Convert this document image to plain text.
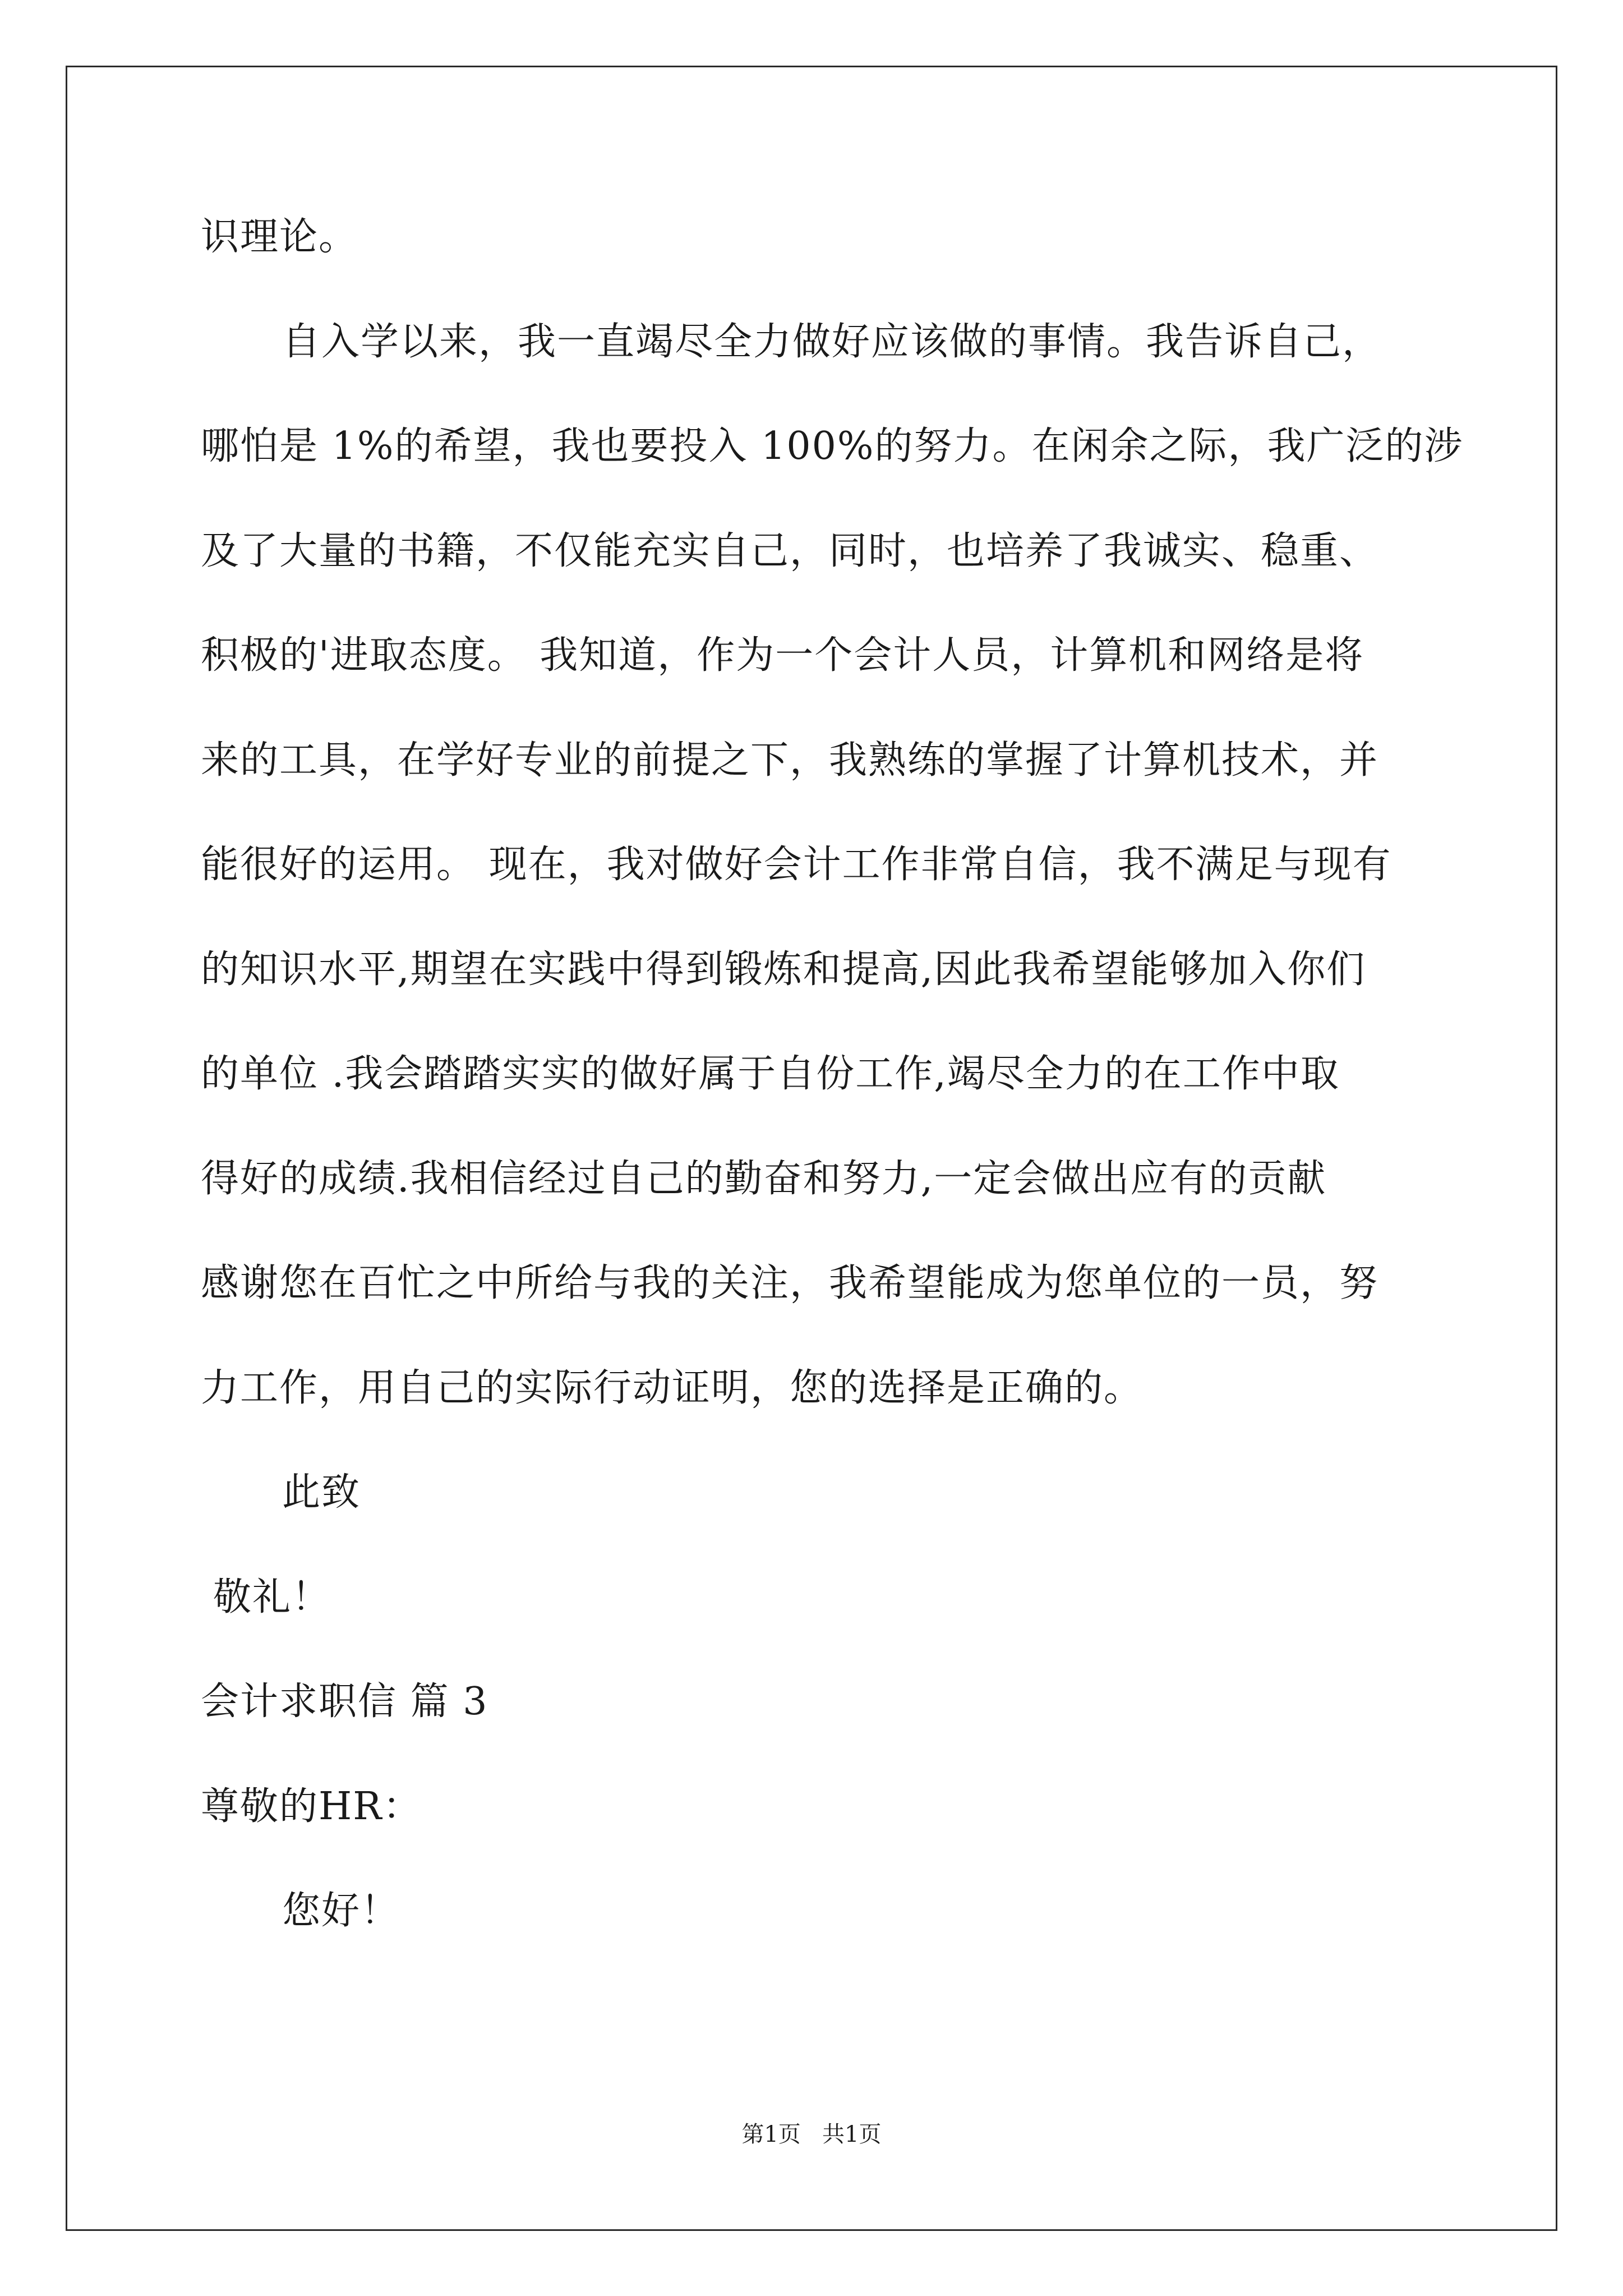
识理论。
自入学以来，我一直竭尽全力做好应该做的事情。我告诉自己，
哪怕是 1%的希望，我也要投入 100%的努力。在闲余之际，我广泛的涉
及了大量的书籍，不仅能充实自己，同时，也培养了我诚实、稳重、
积极的'进取态度。 我知道，作为一个会计人员，计算机和网络是将
来的工具，在学好专业的前提之下，我熟练的掌握了计算机技术，并
能很好的运用。 现在，我对做好会计工作非常自信，我不满足与现有
的知识水平,期望在实践中得到锻炼和提高,因此我希望能够加入你们
的单位 .我会踏踏实实的做好属于自份工作,竭尽全力的在工作中取
得好的成绩.我相信经过自己的勤奋和努力,一定会做出应有的贡献
感谢您在百忙之中所给与我的关注，我希望能成为您单位的一员，努
力工作，用自己的实际行动证明，您的选择是正确的。
此致
敬礼！
会计求职信 篇 3
尊敬的HR：
您好！
第1页   共1页
